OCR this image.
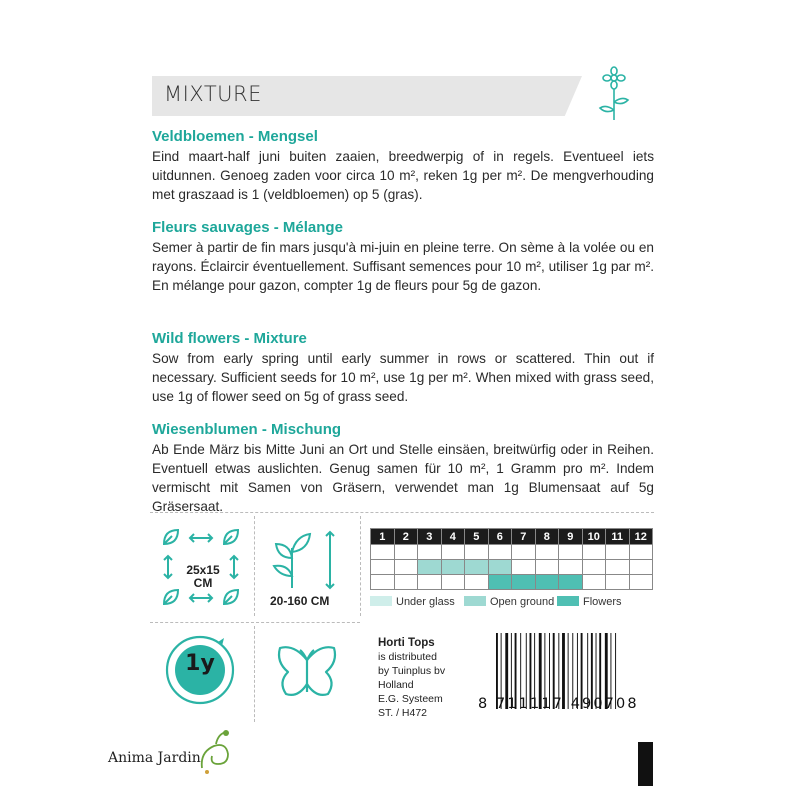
MIXTURE

Veldbloemen - Mengsel

Eind maart-half juni buiten zaaien, breedwerpig of in regels. Eventueel iets uitdunnen. Genoeg zaden voor circa 10 m², reken 1g per m². De mengverhouding met graszaad is 1 (veldbloemen) op 5 (gras).

Fleurs sauvages - Mélange

Semer à partir de fin mars jusqu'à mi-juin en pleine terre. On sème à la volée ou en rayons. Éclaircir éventuellement. Suffisant semences pour 10 m², utiliser 1g par m². En mélange pour gazon, compter 1g de fleurs pour 5g de gazon.

Wild flowers - Mixture

Sow from early spring until early summer in rows or scattered. Thin out if necessary. Sufficient seeds for 10 m², use 1g per m². When mixed with grass seed, use 1g of flower seed on 5g of grass seed.

Wiesenblumen - Mischung

Ab Ende März bis Mitte Juni an Ort und Stelle einsäen, breitwürfig oder in Reihen. Eventuell etwas auslichten. Genug samen für 10 m², 1 Gramm pro m². Indem vermischt mit Samen von Gräsern, verwendet man 1g Blumensaat auf 5g Gräsersaat.

25x15
CM
20-160 CM
1	2	3	4	5	6	7	8	9	10	11	12

Under glass	Open ground	Flowers
1y
Horti Tops
is distributed
by Tuinplus bv
Holland
E.G. Systeem
ST. / H472
8 711117 490708
Anima Jardin
